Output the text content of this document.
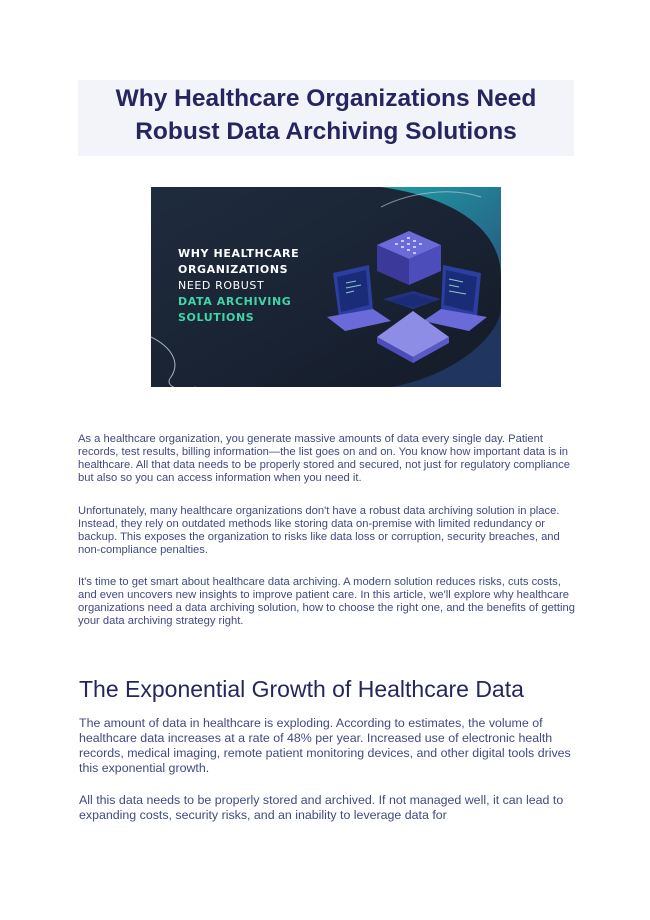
Why Healthcare Organizations Need Robust Data Archiving Solutions
WHY HEALTHCARE
ORGANIZATIONS
NEED ROBUST
DATA ARCHIVING
SOLUTIONS

As a healthcare organization, you generate massive amounts of data every single day. Patient records, test results, billing information—the list goes on and on. You know how important data is in healthcare. All that data needs to be properly stored and secured, not just for regulatory compliance but also so you can access information when you need it.

Unfortunately, many healthcare organizations don't have a robust data archiving solution in place. Instead, they rely on outdated methods like storing data on-premise with limited redundancy or backup. This exposes the organization to risks like data loss or corruption, security breaches, and non-compliance penalties.

It's time to get smart about healthcare data archiving. A modern solution reduces risks, cuts costs, and even uncovers new insights to improve patient care. In this article, we'll explore why healthcare organizations need a data archiving solution, how to choose the right one, and the benefits of getting your data archiving strategy right.

The Exponential Growth of Healthcare Data

The amount of data in healthcare is exploding. According to estimates, the volume of healthcare data increases at a rate of 48% per year. Increased use of electronic health records, medical imaging, remote patient monitoring devices, and other digital tools drives this exponential growth.

All this data needs to be properly stored and archived. If not managed well, it can lead to expanding costs, security risks, and an inability to leverage data for
